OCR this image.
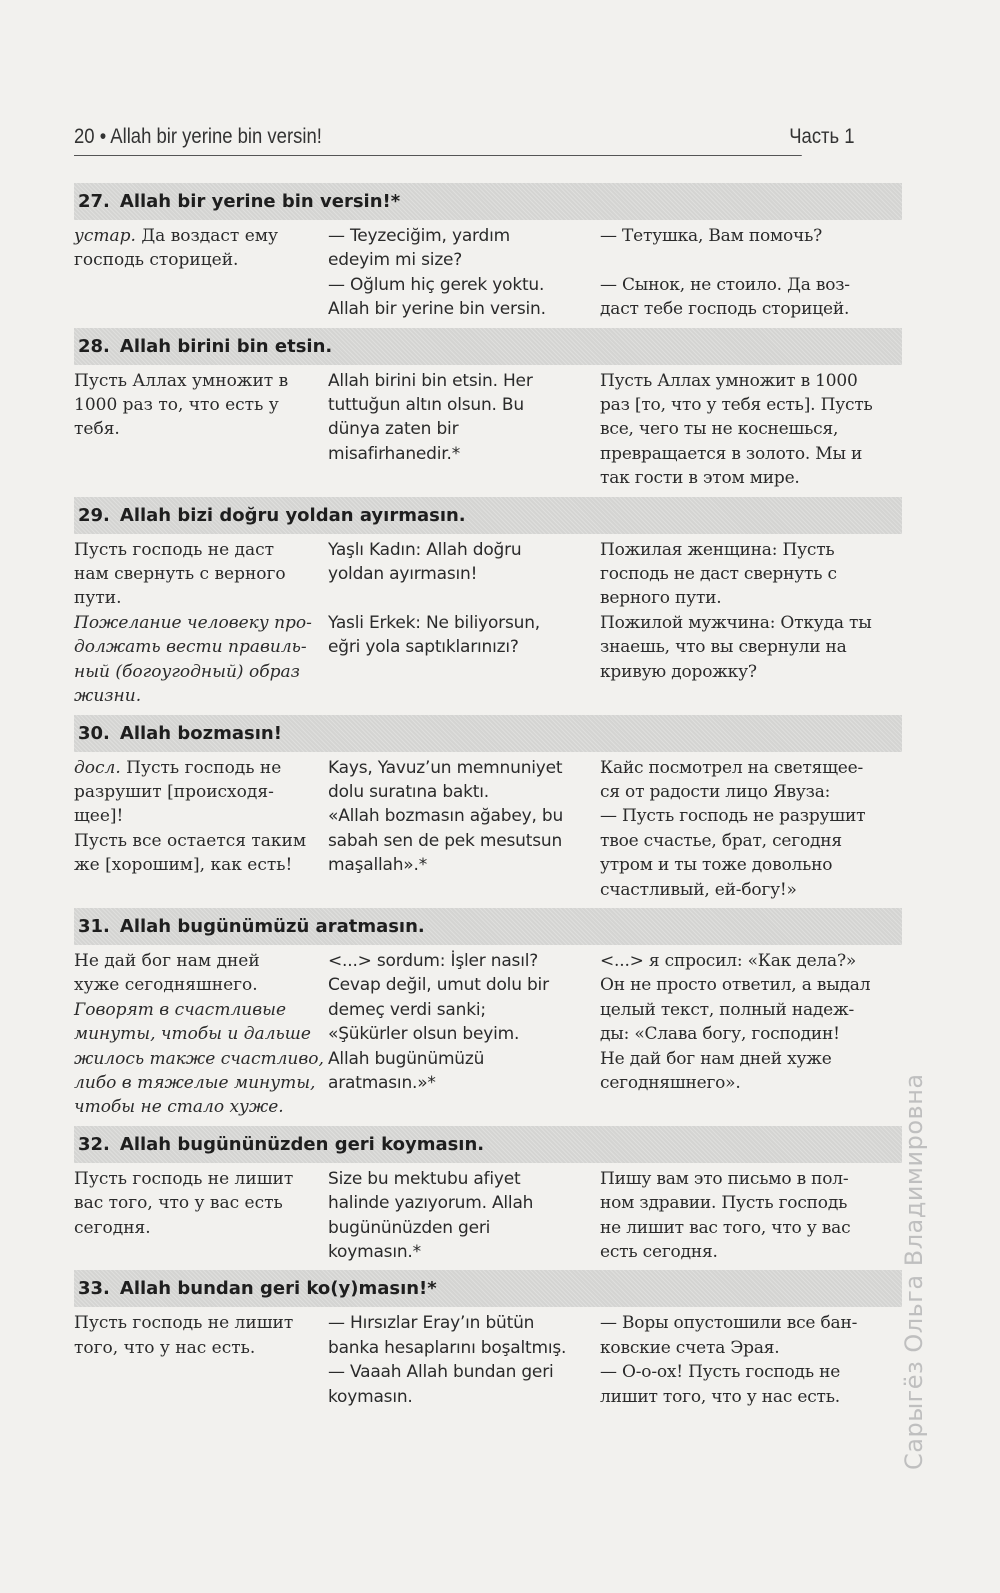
20 • Allah bir yerine bin versin!	Часть 1
27. Allah bir yerine bin versin!*
устар. Да воздаст ему
господь сторицей.
— Teyzeciğim, yardım
edeyim mi size?
— Oğlum hiç gerek yoktu.
Allah bir yerine bin versin.
— Тетушка, Вам помочь?
— Сынок, не стоило. Да воз-
даст тебе господь сторицей.
28. Allah birini bin etsin.
Пусть Аллах умножит в
1000 раз то, что есть у
тебя.
Allah birini bin etsin. Her
tuttuğun altın olsun. Bu
dünya zaten bir
misafirhanedir.*
Пусть Аллах умножит в 1000
раз [то, что у тебя есть]. Пусть
все, чего ты не коснешься,
превращается в золото. Мы и
так гости в этом мире.
29. Allah bizi doğru yoldan ayırmasın.
Пусть господь не даст
нам свернуть с верного
пути.
Пожелание человеку про-
должать вести правиль-
ный (богоугодный) образ
жизни.
Yaşlı Kadın: Allah doğru
yoldan ayırmasın!
Yasli Erkek: Ne biliyorsun,
eğri yola saptıklarınızı?
Пожилая женщина: Пусть
господь не даст свернуть с
верного пути.
Пожилой мужчина: Откуда ты
знаешь, что вы свернули на
кривую дорожку?
30. Allah bozmasın!
досл. Пусть господь не
разрушит [происходя-
щее]!
Пусть все остается таким
же [хорошим], как есть!
Kays, Yavuz’un memnuniyet
dolu suratına baktı.
«Allah bozmasın ağabey, bu
sabah sen de pek mesutsun
maşallah».*
Кайс посмотрел на светящее-
ся от радости лицо Явуза:
— Пусть господь не разрушит
твое счастье, брат, сегодня
утром и ты тоже довольно
счастливый, ей-богу!»
31. Allah bugünümüzü aratmasın.
Не дай бог нам дней
хуже сегодняшнего.
Говорят в счастливые
минуты, чтобы и дальше
жилось также счастливо,
либо в тяжелые минуты,
чтобы не стало хуже.
<...> sordum: İşler nasıl?
Cevap değil, umut dolu bir
demeç verdi sanki;
«Şükürler olsun beyim.
Allah bugünümüzü
aratmasın.»*
<...> я спросил: «Как дела?»
Он не просто ответил, а выдал
целый текст, полный надеж-
ды: «Слава богу, господин!
Не дай бог нам дней хуже
сегодняшнего».
32. Allah bugününüzden geri koymasın.
Пусть господь не лишит
вас того, что у вас есть
сегодня.
Size bu mektubu afiyet
halinde yazıyorum. Allah
bugününüzden geri
koymasın.*
Пишу вам это письмо в пол-
ном здравии. Пусть господь
не лишит вас того, что у вас
есть сегодня.
33. Allah bundan geri ko(y)masın!*
Пусть господь не лишит
того, что у нас есть.
— Hırsızlar Eray’ın bütün
banka hesaplarını boşaltmış.
— Vaaah Allah bundan geri
koymasın.
— Воры опустошили все бан-
ковские счета Эрая.
— О-о-ох! Пусть господь не
лишит того, что у нас есть.	Сарыгёз Ольга Владимировна
